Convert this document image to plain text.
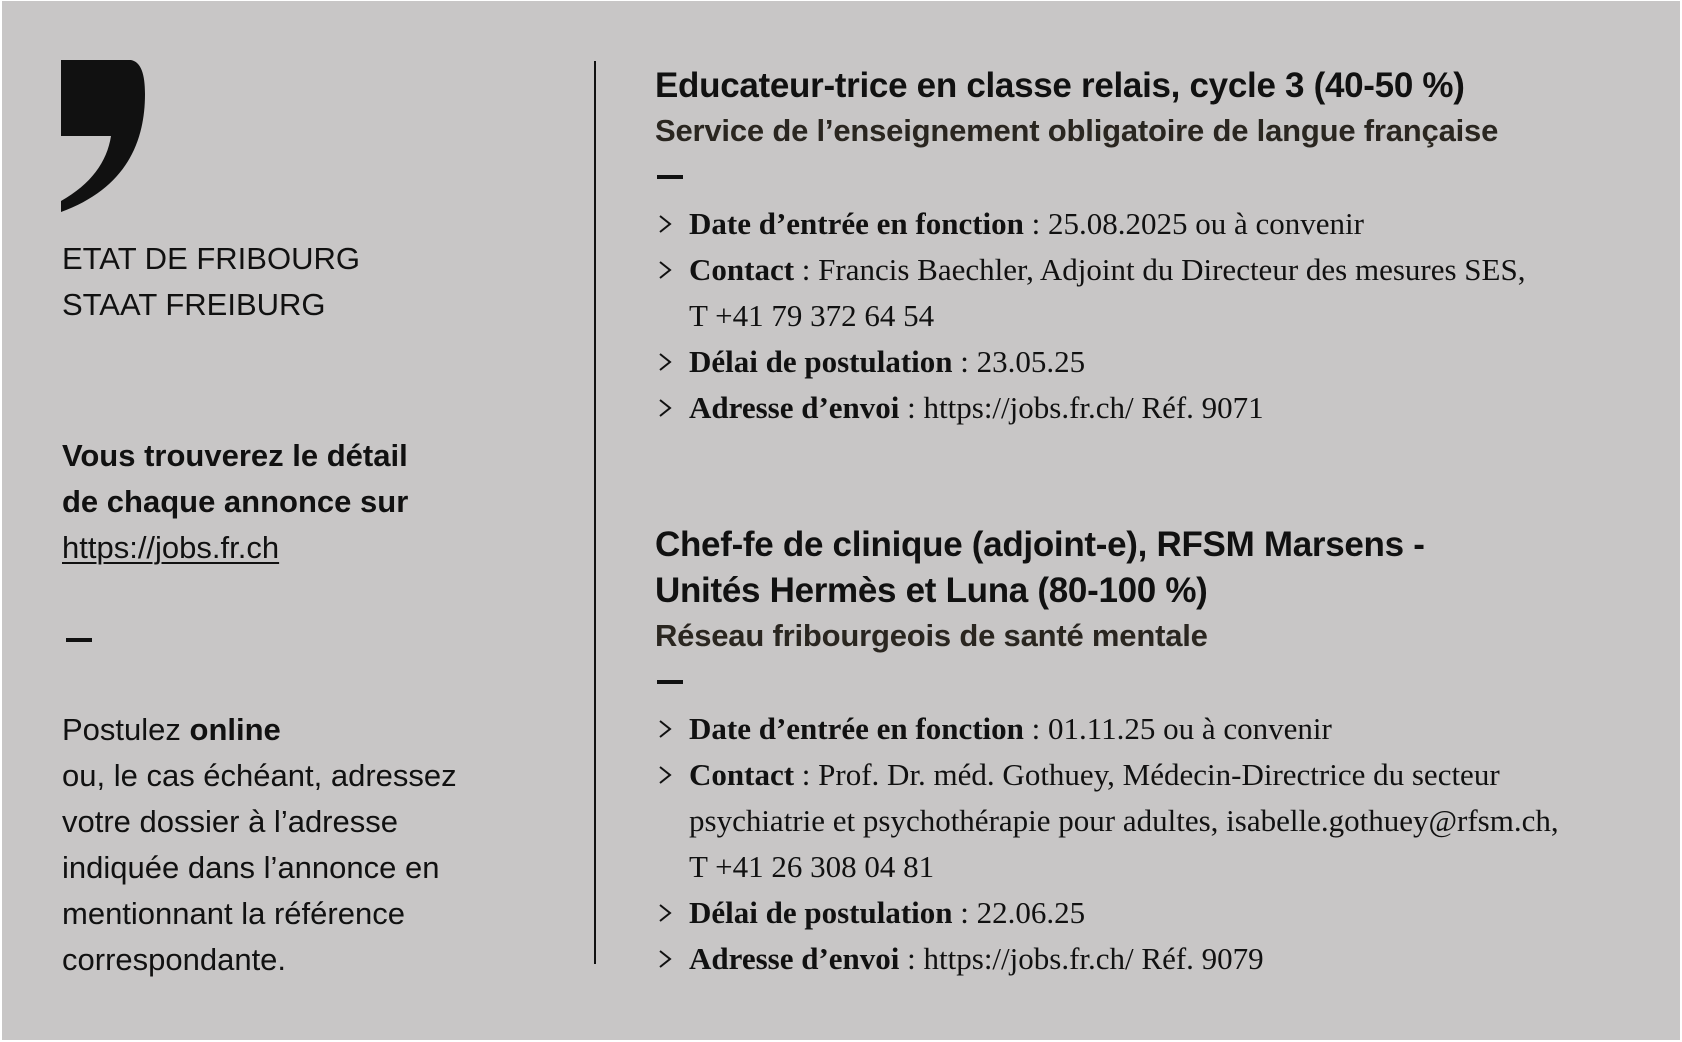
ETAT DE FRIBOURG
STAAT FREIBURG
Vous trouverez le détail
de chaque annonce sur
https://jobs.fr.ch
Postulez online
ou, le cas échéant, adressez
votre dossier à l’adresse
indiquée dans l’annonce en
mentionnant la référence
correspondante.
Educateur-trice en classe relais, cycle 3 (40-50 %)
Service de l’enseignement obligatoire de langue française
Date d’entrée en fonction : 25.08.2025 ou à convenir
Contact : Francis Baechler, Adjoint du Directeur des mesures SES,
T +41 79 372 64 54
Délai de postulation : 23.05.25
Adresse d’envoi : https://jobs.fr.ch/ Réf. 9071
Chef-fe de clinique (adjoint-e), RFSM Marsens -
Unités Hermès et Luna (80-100 %)
Réseau fribourgeois de santé mentale
Date d’entrée en fonction : 01.11.25 ou à convenir
Contact : Prof. Dr. méd. Gothuey, Médecin-Directrice du secteur
psychiatrie et psychothérapie pour adultes, isabelle.gothuey@rfsm.ch,
T +41 26 308 04 81
Délai de postulation : 22.06.25
Adresse d’envoi : https://jobs.fr.ch/ Réf. 9079
